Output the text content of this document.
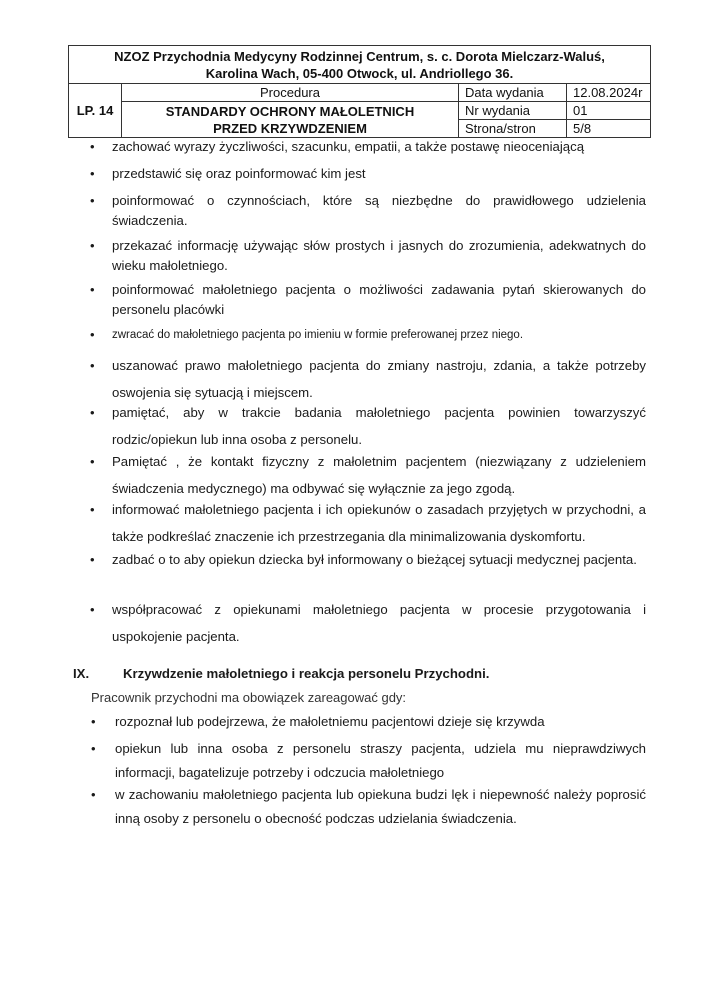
NZOZ Przychodnia Medycyny Rodzinnej Centrum, s. c. Dorota Mielczarz-Waluś,
Karolina Wach, 05-400 Otwock, ul. Andriollego 36.			

LP. 14	Procedura	Data wydania	12.08.2024r

	STANDARDY OCHRONY MAŁOLETNICH
PRZED KRZYWDZENIEM	Nr wydania	01
		Strona/stron	5/8
• zachować wyrazy życzliwości, szacunku, empatii, a także postawę nieoceniającą
• przedstawić się oraz poinformować kim jest
• poinformować o czynnościach, które są niezbędne do prawidłowego udzielenia świadczenia.
• przekazać informację używając słów prostych i jasnych do zrozumienia, adekwatnych do wieku małoletniego.
• poinformować małoletniego pacjenta o możliwości zadawania pytań skierowanych do personelu placówki
• zwracać do małoletniego pacjenta po imieniu w formie preferowanej przez niego.
• uszanować prawo małoletniego pacjenta do zmiany nastroju, zdania, a także potrzeby oswojenia się sytuacją i miejscem.
• pamiętać, aby w trakcie badania małoletniego pacjenta powinien towarzyszyć rodzic/opiekun lub inna osoba z personelu.
• Pamiętać , że kontakt fizyczny z małoletnim pacjentem (niezwiązany z udzieleniem świadczenia medycznego) ma odbywać się wyłącznie za jego zgodą.
• informować małoletniego pacjenta i ich opiekunów o zasadach przyjętych w przychodni, a także podkreślać znaczenie ich przestrzegania dla minimalizowania dyskomfortu.
• zadbać o to aby opiekun dziecka był informowany o bieżącej sytuacji medycznej pacjenta.
• współpracować z opiekunami małoletniego pacjenta w procesie przygotowania i uspokojenie pacjenta.
IX.	Krzywdzenie małoletniego i reakcja personelu Przychodni.
Pracownik przychodni ma obowiązek zareagować gdy:
• rozpoznał lub podejrzewa, że małoletniemu pacjentowi dzieje się krzywda
• opiekun lub inna osoba z personelu straszy pacjenta, udziela mu nieprawdziwych informacji, bagatelizuje potrzeby i odczucia małoletniego
• w zachowaniu małoletniego pacjenta lub opiekuna budzi lęk i niepewność należy poprosić inną osoby z personelu o obecność podczas udzielania świadczenia.
